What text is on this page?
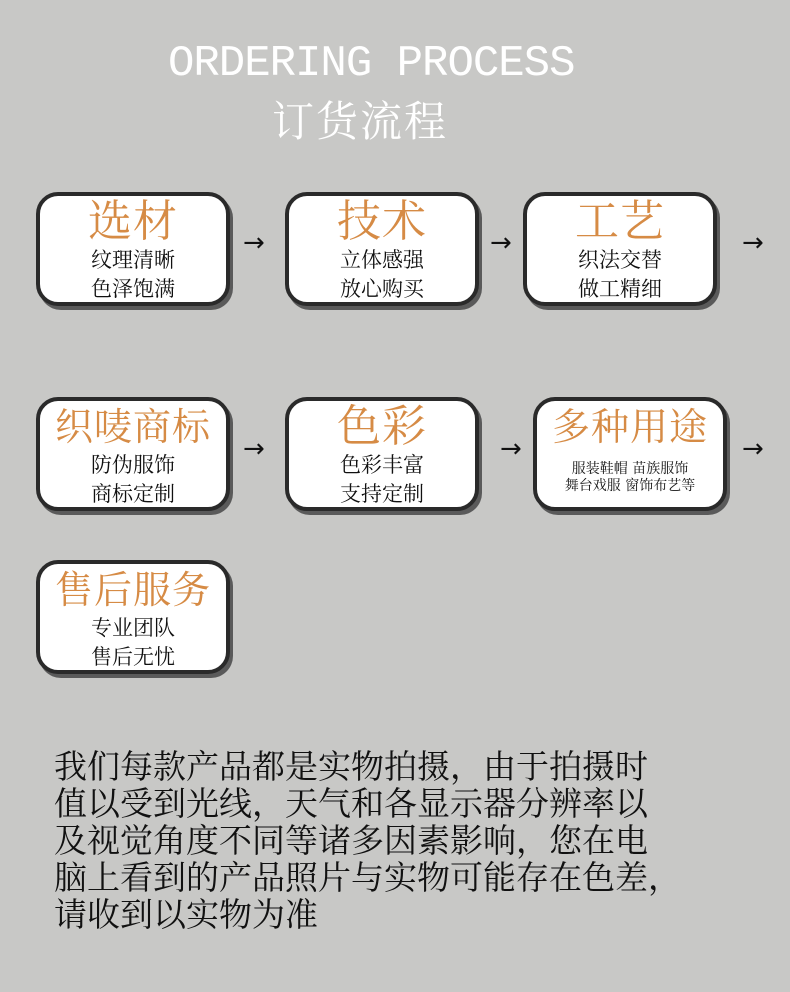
ORDERING PROCESS
订货流程
选材
纹理清晰
色泽饱满
→	技术
立体感强
放心购买
→	工艺
织法交替
做工精细
→
织唛商标
防伪服饰
商标定制
→	色彩
色彩丰富
支持定制
→ 多种用途
服装鞋帽 苗族服饰
舞台戏服 窗饰布艺等
→
售后服务
专业团队
售后无忧
我们每款产品都是实物拍摄，由于拍摄时
值以受到光线，天气和各显示器分辨率以
及视觉角度不同等诸多因素影响，您在电
脑上看到的产品照片与实物可能存在色差，
请收到以实物为准
